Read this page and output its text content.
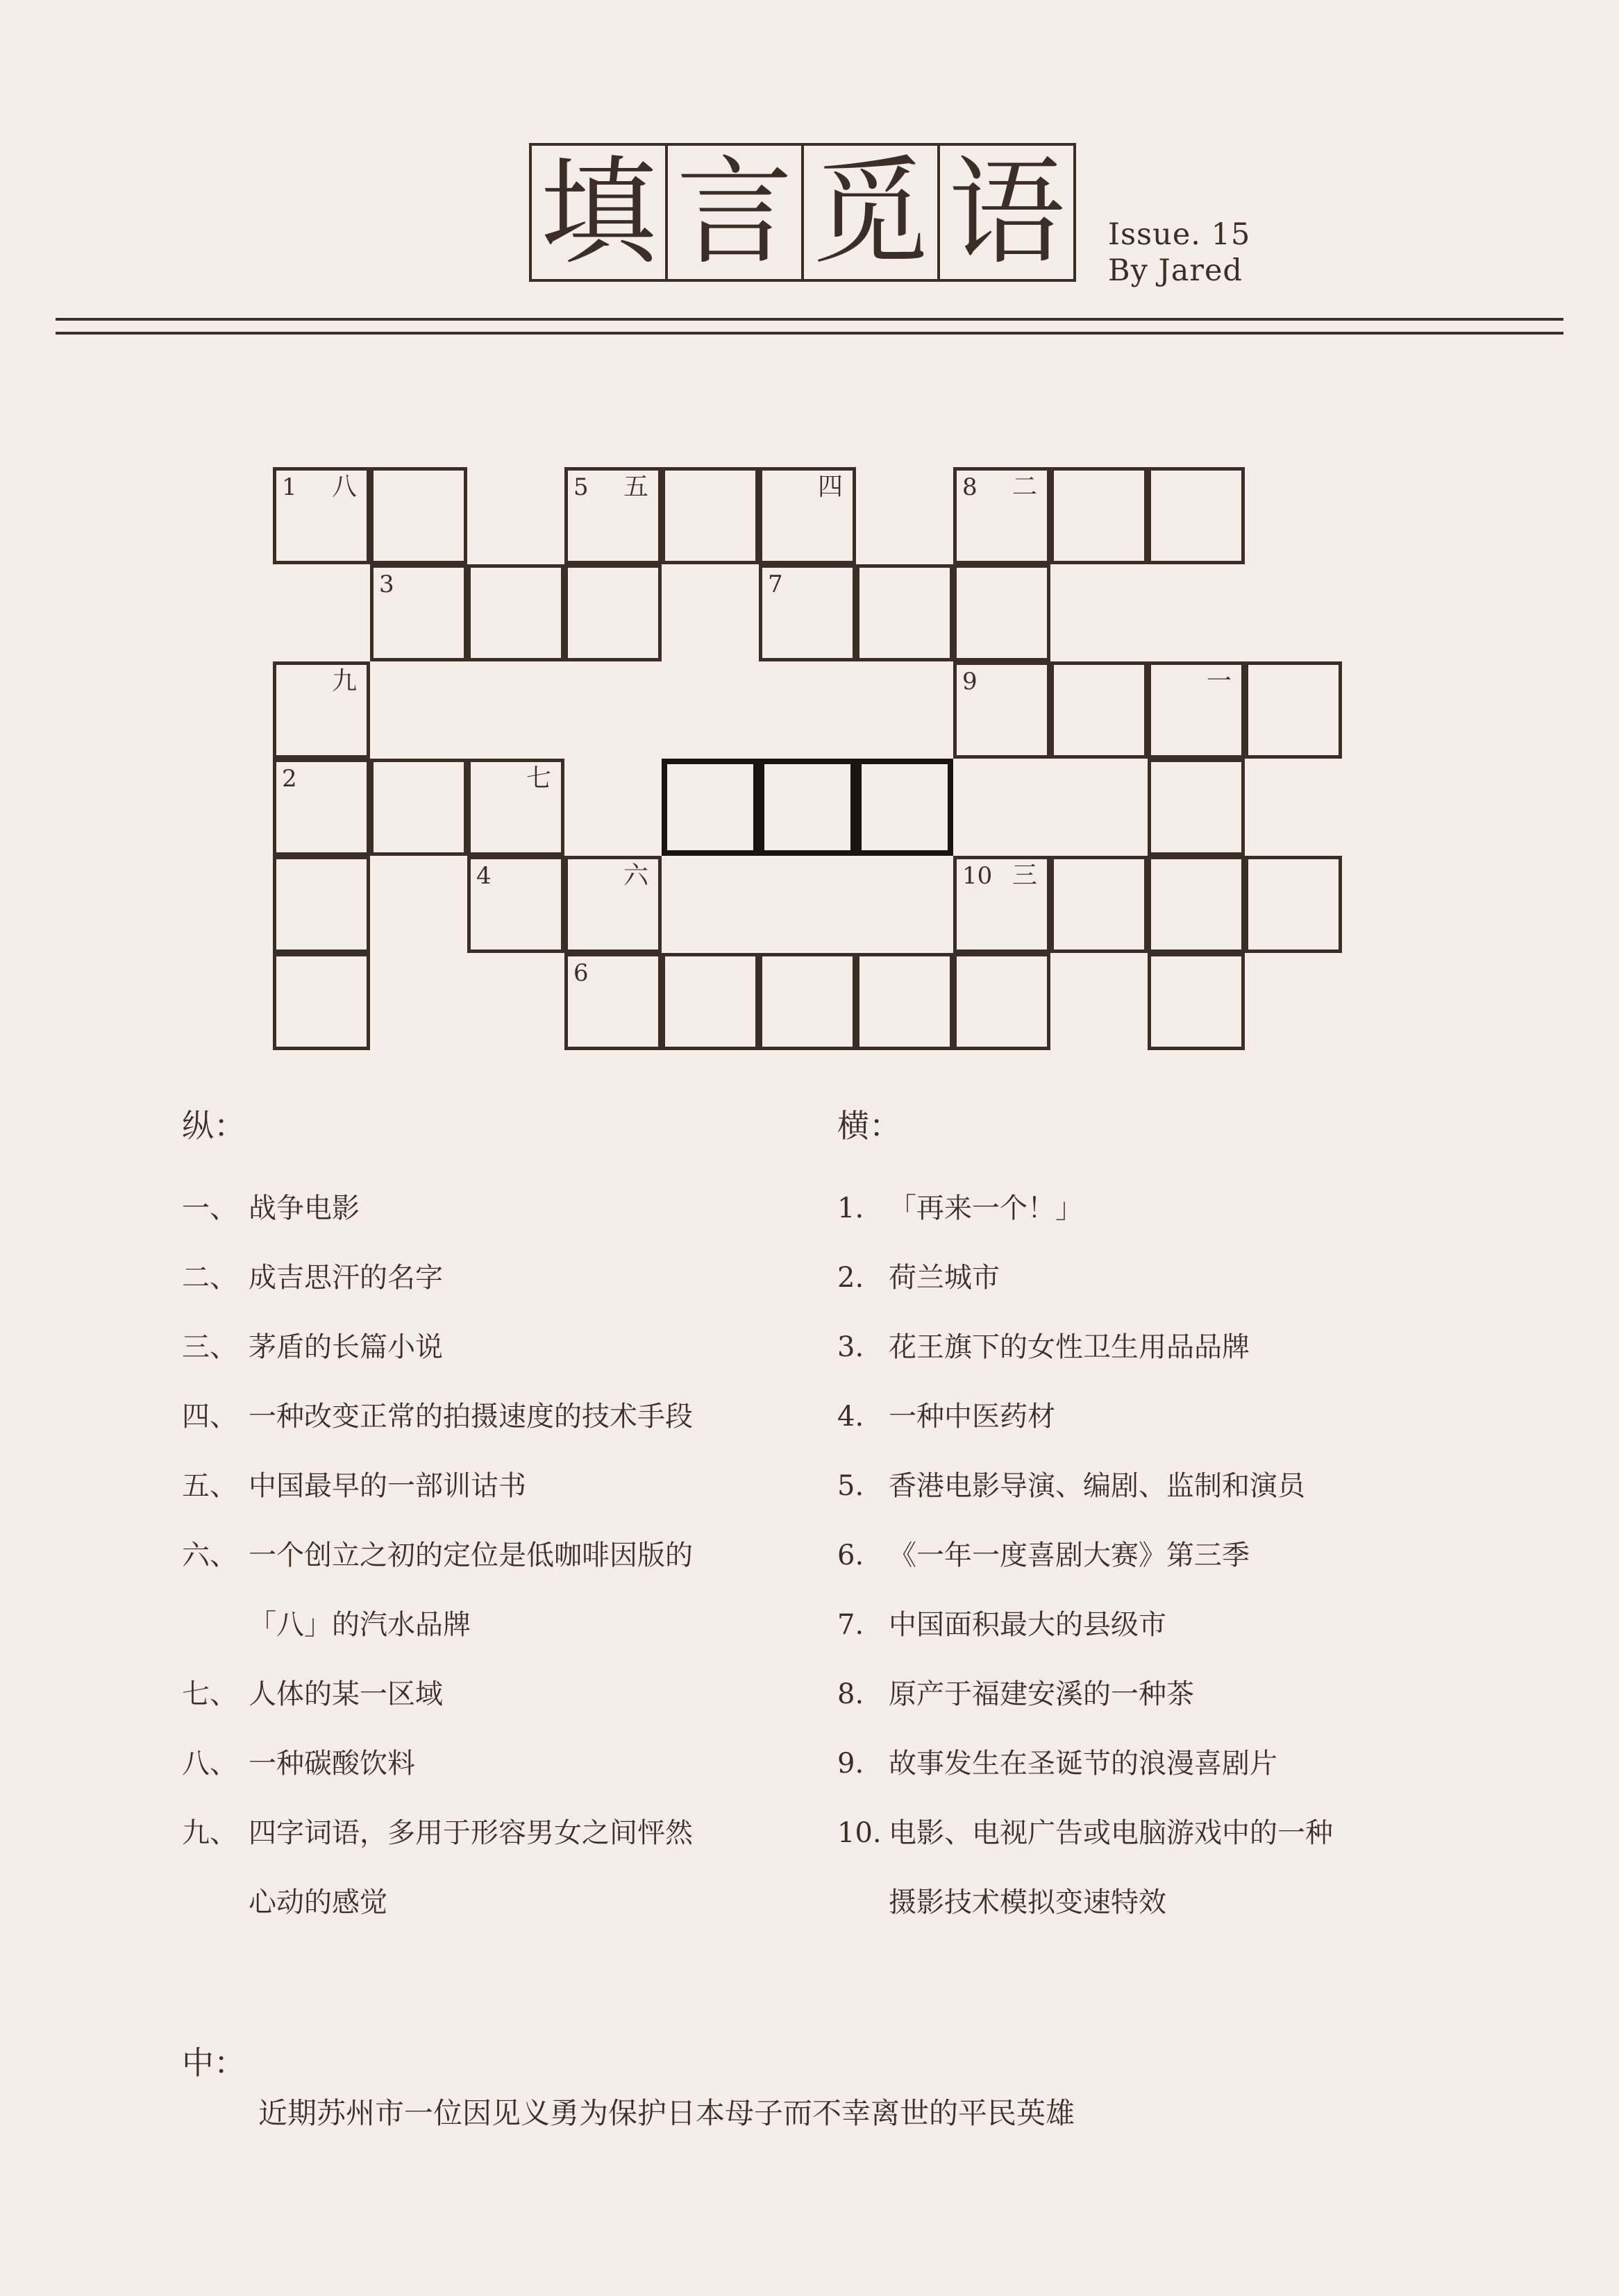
填 言 觅 语	Issue. 15
By Jared
1 八	5 五	四	8 二
3	7
九	9	一
2	七
4	六	10 三
6
纵：
一、 战争电影
二、 成吉思汗的名字
三、 茅盾的长篇小说
四、 一种改变正常的拍摄速度的技术手段
五、 中国最早的一部训诂书
六、 一个创立之初的定位是低咖啡因版的
「八」的汽水品牌
七、 人体的某一区域
八、 一种碳酸饮料
九、 四字词语，多用于形容男女之间怦然
心动的感觉
横：
1. 「再来一个！」
2. 荷兰城市
3. 花王旗下的女性卫生用品品牌
4. 一种中医药材
5. 香港电影导演、编剧、监制和演员
6. 《一年一度喜剧大赛》第三季
7. 中国面积最大的县级市
8. 原产于福建安溪的一种茶
9. 故事发生在圣诞节的浪漫喜剧片
10. 电影、电视广告或电脑游戏中的一种
摄影技术模拟变速特效
中：
近期苏州市一位因见义勇为保护日本母子而不幸离世的平民英雄
